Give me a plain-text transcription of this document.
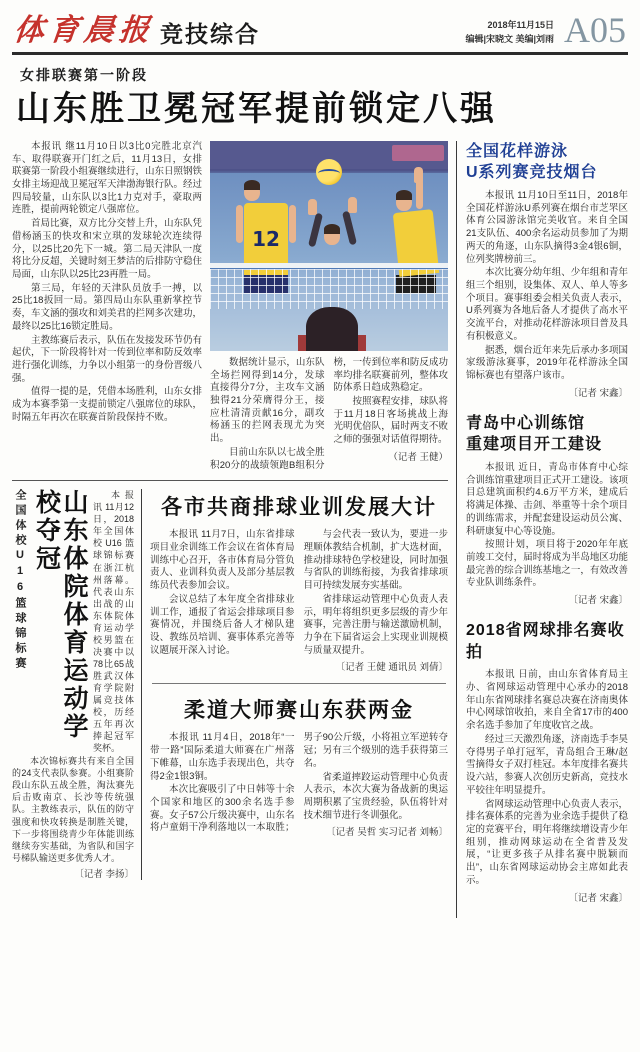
体育晨报 竞技综合	2018年11月15日
编辑|宋晓文 美编|刘雨 A05
女排联赛第一阶段
山东胜卫冕冠军提前锁定八强

本报讯 继11月10日以3比0完胜北京汽车、取得联赛开门红之后，11月13日，女排联赛第一阶段小组赛继续进行，山东日照钢铁女排主场迎战卫冕冠军天津渤海银行队。经过四局较量，山东队以3比1力克对手，豪取两连胜，提前两轮锁定八强席位。

首局比赛，双方比分交替上升，山东队凭借杨涵玉的快攻和宋立琪的发球轮次连续得分，以25比20先下一城。第二局天津队一度将比分反超，关键时刻王梦洁的后排防守稳住局面，山东队以25比23再胜一局。

第三局，年轻的天津队员放手一搏，以25比18扳回一局。第四局山东队重新掌控节奏，车文涵的强攻和刘美君的拦网多次建功，最终以25比16锁定胜局。

主教练赛后表示，队伍在发接发环节仍有起伏，下一阶段将针对一传到位率和防反效率进行强化训练，力争以小组第一的身份晋级八强。

值得一提的是，凭借本场胜利，山东女排成为本赛季第一支提前锁定八强席位的球队，时隔五年再次在联赛首阶段保持不败。

12

数据统计显示，山东队全场拦网得到14分，发球直接得分7分，主攻车文涵独得21分荣膺得分王，接应杜清清贡献16分，副攻杨涵玉的拦网表现尤为突出。

目前山东队以七战全胜积20分的战绩领跑B组积分榜，一传到位率和防反成功率均排名联赛前列，整体攻防体系日趋成熟稳定。

按照赛程安排，球队将于11月18日客场挑战上海光明优倍队，届时两支不败之师的强强对话值得期待。

（记者 王健）
全国体校U16篮球锦标赛	山东体院体育运动学校夺冠	本报讯 11月12日，2018年全国体校U16篮球锦标赛在浙江杭州落幕。代表山东出战的山东体院体育运动学校男篮在决赛中以78比65战胜武汉体育学院附属竞技体校，历经五年再次捧起冠军奖杯。

本次锦标赛共有来自全国的24支代表队参赛。小组赛阶段山东队五战全胜，淘汰赛先后击败南京、长沙等传统强队。主教练表示，队伍的防守强度和快攻转换是制胜关键，下一步将围绕青少年体能训练继续夯实基础，为省队和国字号梯队输送更多优秀人才。

〔记者 李扬〕
各市共商排球业训发展大计

本报讯 11月7日，山东省排球项目业余训练工作会议在省体育局训练中心召开，各市体育局分管负责人、业训科负责人及部分基层教练员代表参加会议。

会议总结了本年度全省排球业训工作，通报了省运会排球项目参赛情况，并围绕后备人才梯队建设、教练员培训、赛事体系完善等议题展开深入讨论。

与会代表一致认为，要进一步理顺体教结合机制，扩大选材面，推动排球特色学校建设，同时加强与省队的训练衔接，为我省排球项目可持续发展夯实基础。

省排球运动管理中心负责人表示，明年将组织更多层级的青少年赛事，完善注册与输送激励机制，力争在下届省运会上实现业训规模与质量双提升。

〔记者 王健 通讯员 刘倩〕
柔道大师赛山东获两金

本报讯 11月4日，2018年“一带一路”国际柔道大师赛在广州落下帷幕，山东选手表现出色，共夺得2金1银3铜。

本次比赛吸引了中日韩等十余个国家和地区的300余名选手参赛。女子57公斤级决赛中，山东名将卢童娟干净利落地以一本取胜；男子90公斤级，小将祖立军逆转夺冠；另有三个级别的选手获得第三名。

省柔道摔跤运动管理中心负责人表示，本次大赛为备战新的奥运周期积累了宝贵经验，队伍将针对技术细节进行冬训强化。

〔记者 吴哲 实习记者 刘畅〕
全国花样游泳
U系列赛竞技烟台

本报讯 11月10日至11日，2018年全国花样游泳U系列赛在烟台市芝罘区体育公园游泳馆完美收官。来自全国21支队伍、400余名运动员参加了为期两天的角逐，山东队摘得3金4银6铜，位列奖牌榜前三。

本次比赛分幼年组、少年组和青年组三个组别，设集体、双人、单人等多个项目。赛事组委会相关负责人表示，U系列赛为各地后备人才提供了高水平交流平台，对推动花样游泳项目普及具有积极意义。

据悉，烟台近年来先后承办多项国家级游泳赛事，2019年花样游泳全国锦标赛也有望落户该市。

〔记者 宋鑫〕
青岛中心训练馆
重建项目开工建设

本报讯 近日，青岛市体育中心综合训练馆重建项目正式开工建设。该项目总建筑面积约4.6万平方米，建成后将满足体操、击剑、举重等十余个项目的训练需求，并配套建设运动员公寓、科研康复中心等设施。

按照计划，项目将于2020年年底前竣工交付，届时将成为半岛地区功能最完善的综合训练基地之一，有效改善专业队训练条件。

〔记者 宋鑫〕
2018省网球排名赛收拍

本报讯 日前，由山东省体育局主办、省网球运动管理中心承办的2018年山东省网球排名赛总决赛在济南奥体中心网球馆收拍，来自全省17市的400余名选手参加了年度收官之战。

经过三天激烈角逐，济南选手李昊夺得男子单打冠军，青岛组合王琳/赵雪摘得女子双打桂冠。本年度排名赛共设六站，参赛人次创历史新高，竞技水平较往年明显提升。

省网球运动管理中心负责人表示，排名赛体系的完善为业余选手提供了稳定的竞赛平台，明年将继续增设青少年组别，推动网球运动在全省普及发展，“让更多孩子从排名赛中脱颖而出”，山东省网球运动协会主席如此表示。

〔记者 宋鑫〕
